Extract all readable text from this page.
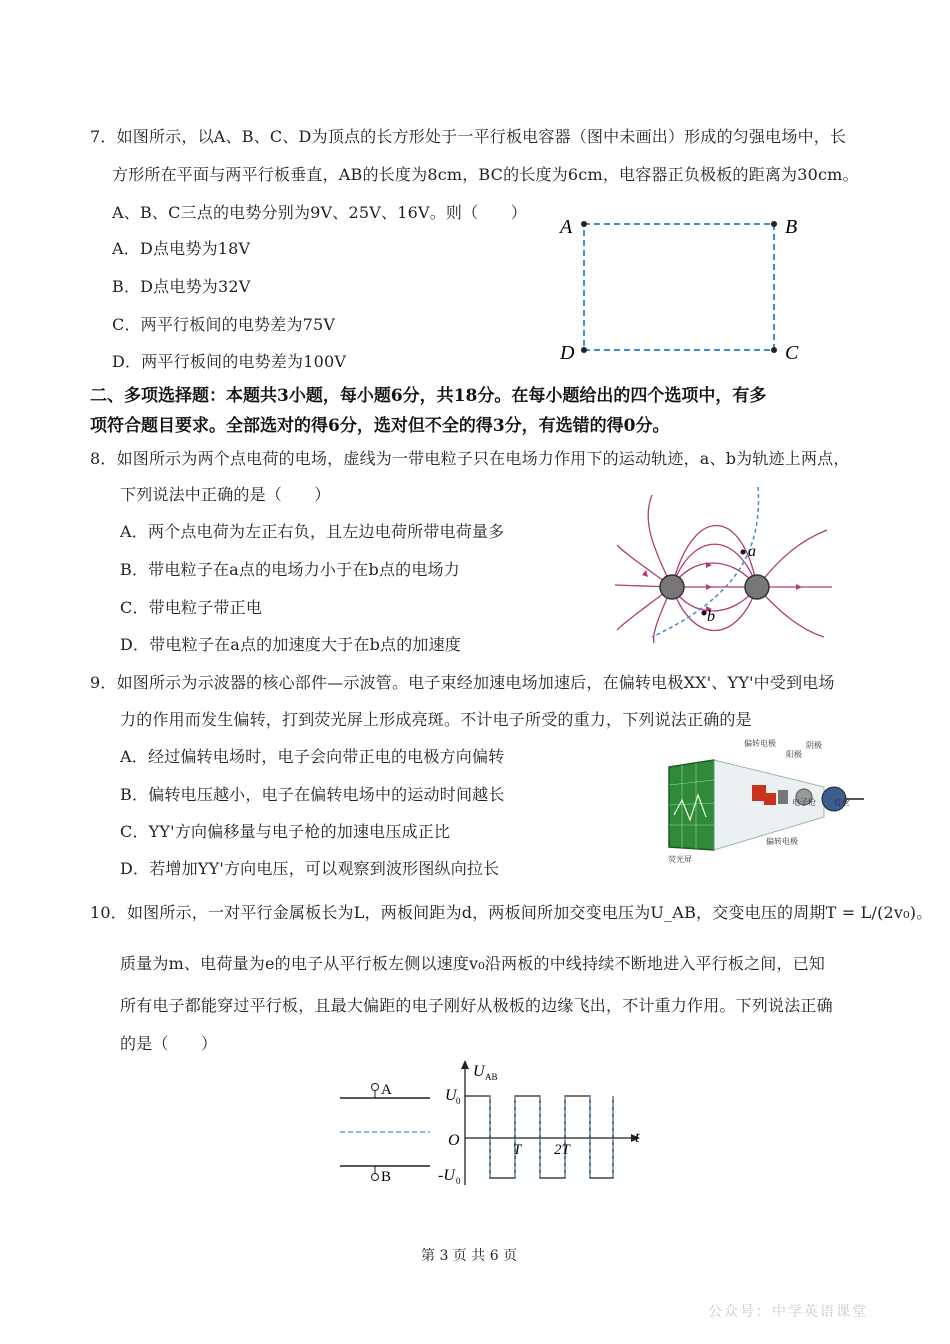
7．如图所示，以A、B、C、D为顶点的长方形处于一平行板电容器（图中未画出）形成的匀强电场中，长
方形所在平面与两平行板垂直，AB的长度为8cm，BC的长度为6cm，电容器正负极板的距离为30cm。
A、B、C三点的电势分别为9V、25V、16V。则（　　）
A．D点电势为18V
B．D点电势为32V
C．两平行板间的电势差为75V
D．两平行板间的电势差为100V
A	B
C
D
二、多项选择题：本题共3小题，每小题6分，共18分。在每小题给出的四个选项中，有多
项符合题目要求。全部选对的得6分，选对但不全的得3分，有选错的得0分。
8．如图所示为两个点电荷的电场，虚线为一带电粒子只在电场力作用下的运动轨迹，a、b为轨迹上两点，
下列说法中正确的是（　　）
A．两个点电荷为左正右负，且左边电荷所带电荷量多
B．带电粒子在a点的电场力小于在b点的电场力
C．带电粒子带正电
D．带电粒子在a点的加速度大于在b点的加速度
a
b
9．如图所示为示波器的核心部件—示波管。电子束经加速电场加速后，在偏转电极XX'、YY'中受到电场
力的作用而发生偏转，打到荧光屏上形成亮斑。不计电子所受的重力，下列说法正确的是
A．经过偏转电场时，电子会向带正电的电极方向偏转
B．偏转电压越小，电子在偏转电场中的运动时间越长
C．YY'方向偏移量与电子枪的加速电压成正比
D．若增加YY'方向电压，可以观察到波形图纵向拉长
偏转电极
阳极
阴极
电子枪 灯丝
偏转电极
荧光屏
10．如图所示，一对平行金属板长为L，两板间距为d，两板间所加交变电压为U_AB，交变电压的周期T = L/(2v₀)。
质量为m、电荷量为e的电子从平行板左侧以速度v₀沿两板的中线持续不断地进入平行板之间，已知
所有电子都能穿过平行板，且最大偏距的电子刚好从极板的边缘飞出，不计重力作用。下列说法正确
的是（　　）
A
B
U AB
O	t
U 0
-U 0
T 2T
第 3 页 共 6 页
公众号：中学英语课堂
